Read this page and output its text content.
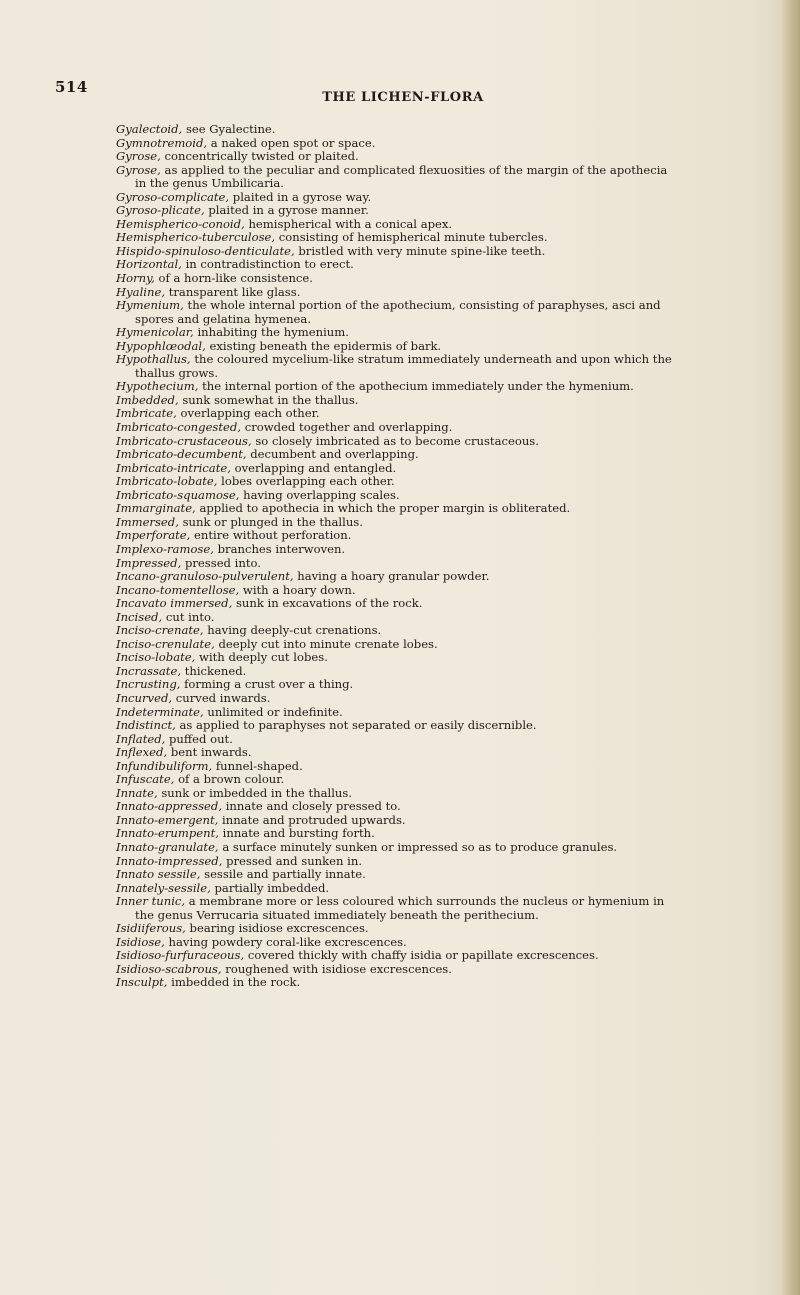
514
THE LICHEN-FLORA
Gyalectoid, see Gyalectine.
Gymnotremoid, a naked open spot or space.
Gyrose, concentrically twisted or plaited.
Gyrose, as applied to the peculiar and complicated flexuosities of the margin of the apothecia in the genus Umbilicaria.
Gyroso-complicate, plaited in a gyrose way.
Gyroso-plicate, plaited in a gyrose manner.
Hemispherico-conoid, hemispherical with a conical apex.
Hemispherico-tuberculose, consisting of hemispherical minute tubercles.
Hispido-spinuloso-denticulate, bristled with very minute spine-like teeth.
Horizontal, in contradistinction to erect.
Horny, of a horn-like consistence.
Hyaline, transparent like glass.
Hymenium, the whole internal portion of the apothecium, consisting of paraphyses, asci and spores and gelatina hymenea.
Hymenicolar, inhabiting the hymenium.
Hypophlœodal, existing beneath the epidermis of bark.
Hypothallus, the coloured mycelium-like stratum immediately underneath and upon which the thallus grows.
Hypothecium, the internal portion of the apothecium immediately under the hymenium.
Imbedded, sunk somewhat in the thallus.
Imbricate, overlapping each other.
Imbricato-congested, crowded together and overlapping.
Imbricato-crustaceous, so closely imbricated as to become crustaceous.
Imbricato-decumbent, decumbent and overlapping.
Imbricato-intricate, overlapping and entangled.
Imbricato-lobate, lobes overlapping each other.
Imbricato-squamose, having overlapping scales.
Immarginate, applied to apothecia in which the proper margin is obliterated.
Immersed, sunk or plunged in the thallus.
Imperforate, entire without perforation.
Implexo-ramose, branches interwoven.
Impressed, pressed into.
Incano-granuloso-pulverulent, having a hoary granular powder.
Incano-tomentellose, with a hoary down.
Incavato immersed, sunk in excavations of the rock.
Incised, cut into.
Inciso-crenate, having deeply-cut crenations.
Inciso-crenulate, deeply cut into minute crenate lobes.
Inciso-lobate, with deeply cut lobes.
Incrassate, thickened.
Incrusting, forming a crust over a thing.
Incurved, curved inwards.
Indeterminate, unlimited or indefinite.
Indistinct, as applied to paraphyses not separated or easily discernible.
Inflated, puffed out.
Inflexed, bent inwards.
Infundibuliform, funnel-shaped.
Infuscate, of a brown colour.
Innate, sunk or imbedded in the thallus.
Innato-appressed, innate and closely pressed to.
Innato-emergent, innate and protruded upwards.
Innato-erumpent, innate and bursting forth.
Innato-granulate, a surface minutely sunken or impressed so as to produce granules.
Innato-impressed, pressed and sunken in.
Innato sessile, sessile and partially innate.
Innately-sessile, partially imbedded.
Inner tunic, a membrane more or less coloured which surrounds the nucleus or hymenium in the genus Verrucaria situated immediately beneath the perithecium.
Isidiiferous, bearing isidiose excrescences.
Isidiose, having powdery coral-like excrescences.
Isidioso-furfuraceous, covered thickly with chaffy isidia or papillate excrescences.
Isidioso-scabrous, roughened with isidiose excrescences.
Insculpt, imbedded in the rock.
